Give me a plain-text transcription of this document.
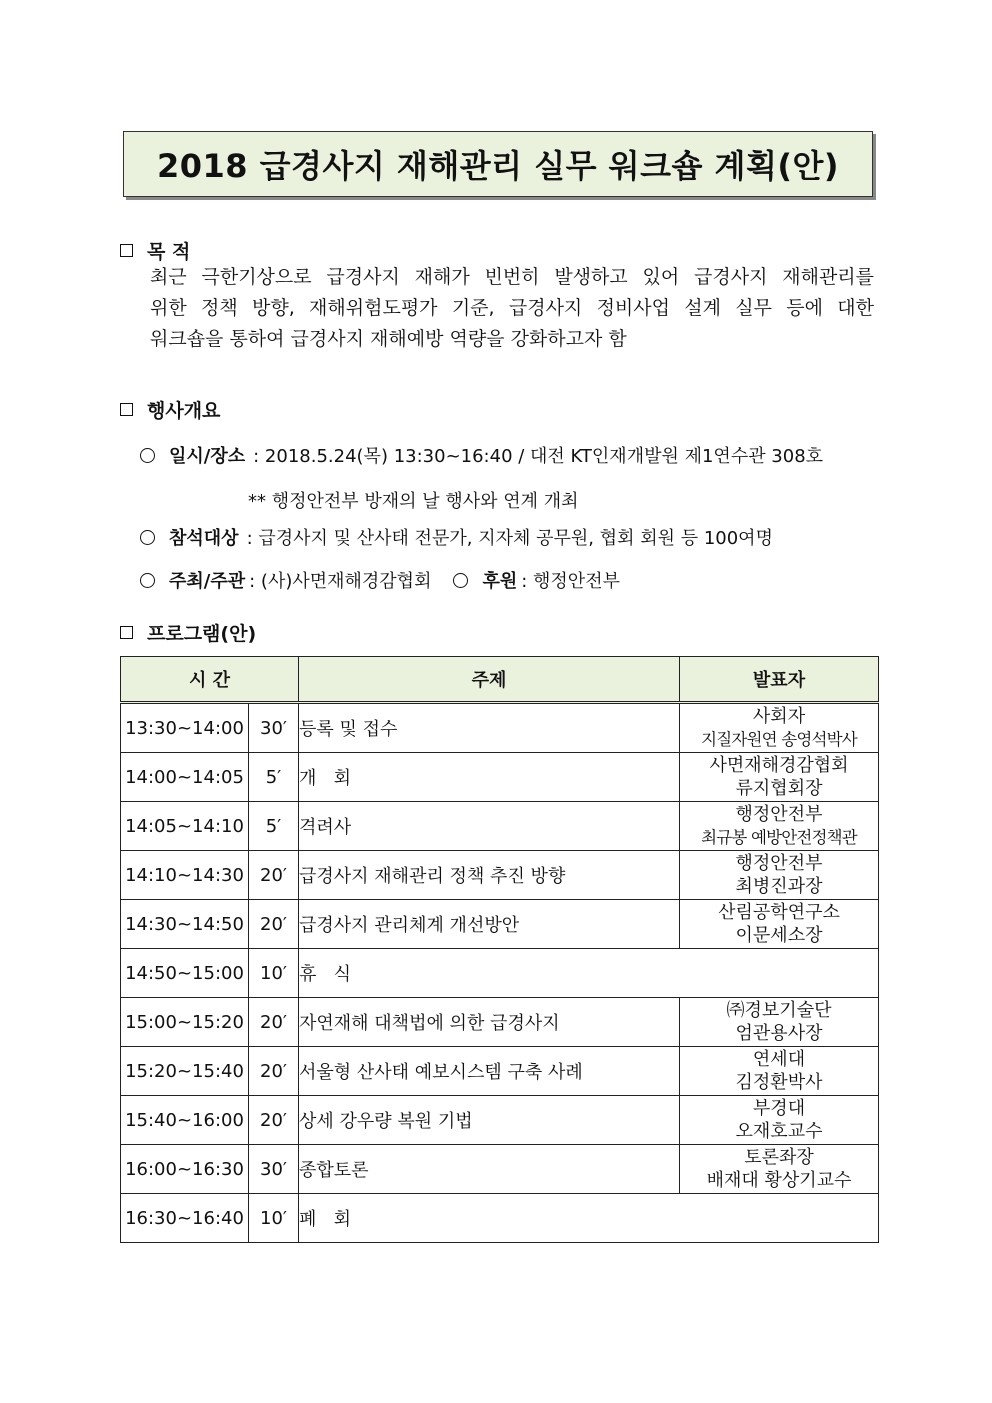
2018 급경사지 재해관리 실무 워크숍 계획(안)
목 적
최근 극한기상으로 급경사지 재해가 빈번히 발생하고 있어 급경사지 재해관리를
위한 정책 방향, 재해위험도평가 기준, 급경사지 정비사업 설계 실무 등에 대한
워크숍을 통하여 급경사지 재해예방 역량을 강화하고자 함
행사개요
일시/장소 : 2018.5.24(목) 13:30~16:40 / 대전 KT인재개발원 제1연수관 308호
** 행정안전부 방재의 날 행사와 연계 개최
참석대상 : 급경사지 및 산사태 전문가, 지자체 공무원, 협회 회원 등 100여명
주최/주관 : (사)사면재해경감협회	후원 : 행정안전부
프로그램(안)
시 간		주제	발표자
13:30~14:00	30′	등록 및 접수	사회자
지질자원연 송영석박사

14:00~14:05	5′	개   회	사면재해경감협회
류지협회장

14:05~14:10	5′	격려사	행정안전부
최규봉 예방안전정책관

14:10~14:30	20′	급경사지 재해관리 정책 추진 방향	행정안전부
최병진과장

14:30~14:50	20′	급경사지 관리체계 개선방안	산림공학연구소
이문세소장

14:50~15:00	10′	휴   식	
15:00~15:20	20′	자연재해 대책법에 의한 급경사지	㈜경보기술단
엄관용사장

15:20~15:40	20′	서울형 산사태 예보시스템 구축 사례	연세대
김정환박사

15:40~16:00	20′	상세 강우량 복원 기법	부경대
오재호교수

16:00~16:30	30′	종합토론	토론좌장
배재대 황상기교수

16:30~16:40	10′	폐   회	
